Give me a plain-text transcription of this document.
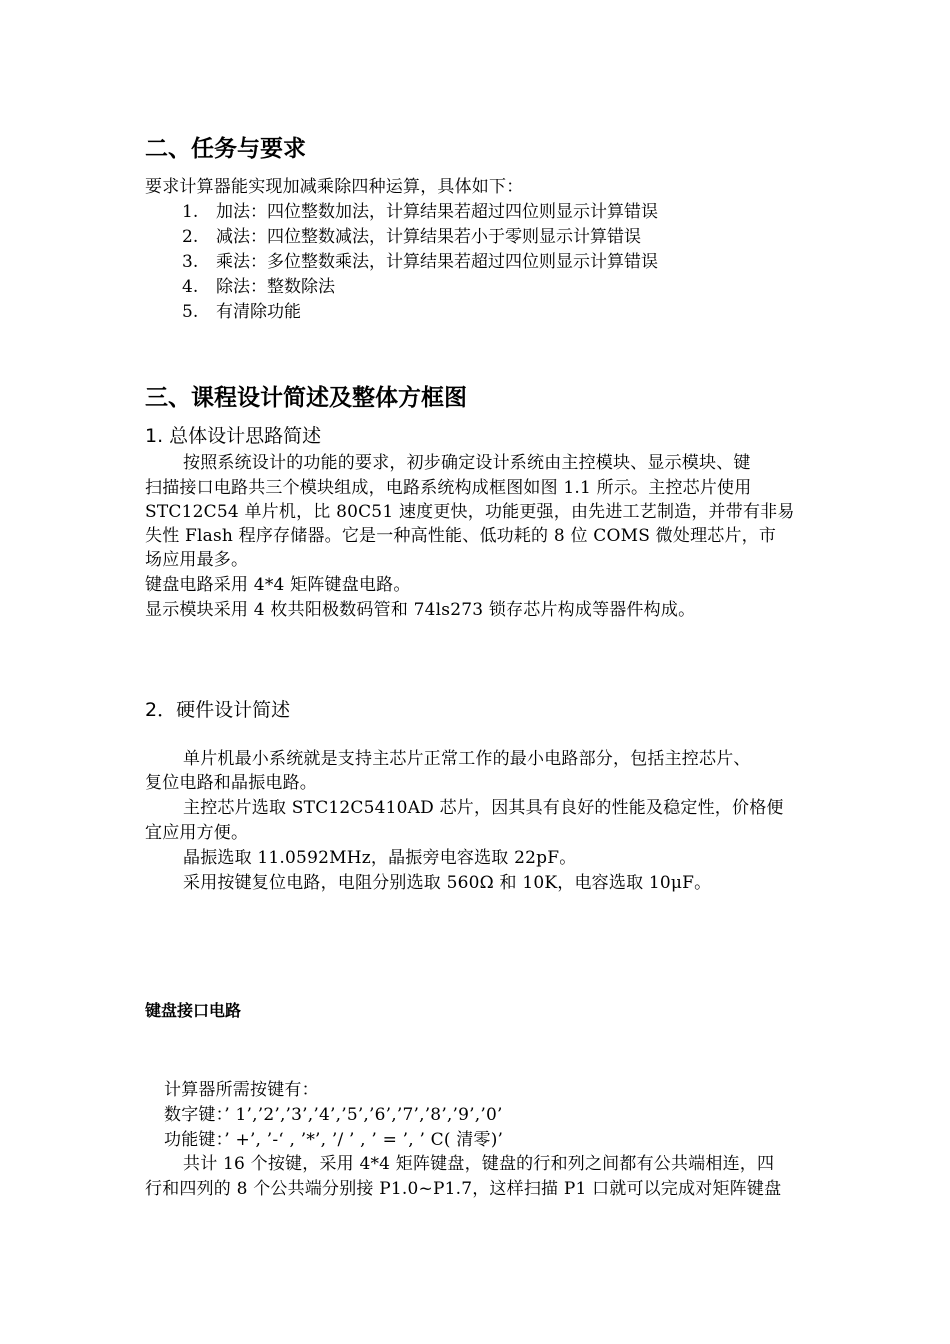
二、任务与要求
要求计算器能实现加减乘除四种运算，具体如下：
1. 加法：四位整数加法，计算结果若超过四位则显示计算错误
2. 减法：四位整数减法，计算结果若小于零则显示计算错误
3. 乘法：多位整数乘法，计算结果若超过四位则显示计算错误
4. 除法：整数除法
5. 有清除功能
三、课程设计简述及整体方框图
1. 总体设计思路简述
按照系统设计的功能的要求，初步确定设计系统由主控模块、显示模块、键
扫描接口电路共三个模块组成，电路系统构成框图如图 1.1 所示。主控芯片使用
STC12C54 单片机，比 80C51 速度更快，功能更强，由先进工艺制造，并带有非易
失性 Flash 程序存储器。它是一种高性能、低功耗的 8 位 COMS 微处理芯片，市
场应用最多。
键盘电路采用 4*4 矩阵键盘电路。
显示模块采用 4 枚共阳极数码管和 74ls273 锁存芯片构成等器件构成。
2．硬件设计简述
单片机最小系统就是支持主芯片正常工作的最小电路部分，包括主控芯片、
复位电路和晶振电路。
主控芯片选取 STC12C5410AD 芯片，因其具有良好的性能及稳定性，价格便
宜应用方便。
晶振选取 11.0592MHz，晶振旁电容选取 22pF。
采用按键复位电路，电阻分别选取 560Ω 和 10K，电容选取 10μF。
键盘接口电路
计算器所需按键有：
数字键：’ 1’,’2’,’3’,’4’,’5’,’6’,’7’,’8’,’9’,’0’
功能键：’ +’, ’-‘ , ’*’, ’/ ’ , ’ = ’, ’ C( 清零)’
共计 16 个按键，采用 4*4 矩阵键盘，键盘的行和列之间都有公共端相连，四
行和四列的 8 个公共端分别接 P1.0~P1.7，这样扫描 P1 口就可以完成对矩阵键盘
